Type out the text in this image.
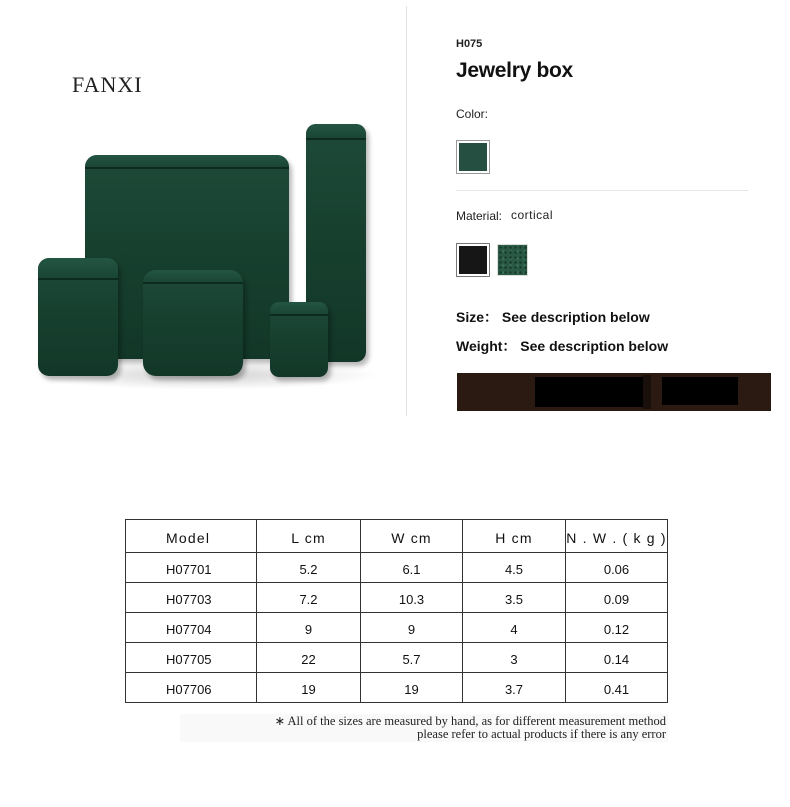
FANXI
H075
Jewelry box
Color:
Material: cortical
Size： See description below
Weight： See description below
Model	L cm	W cm	H cm	N . W . ( k g )
H07701	5.2	6.1	4.5	0.06
H07703	7.2	10.3	3.5	0.09
H07704	9	9	4	0.12
H07705	22	5.7	3	0.14
H07706	19	19	3.7	0.41
∗ All of the sizes are measured by hand, as for different measurement method
please refer to actual products if there is any error
